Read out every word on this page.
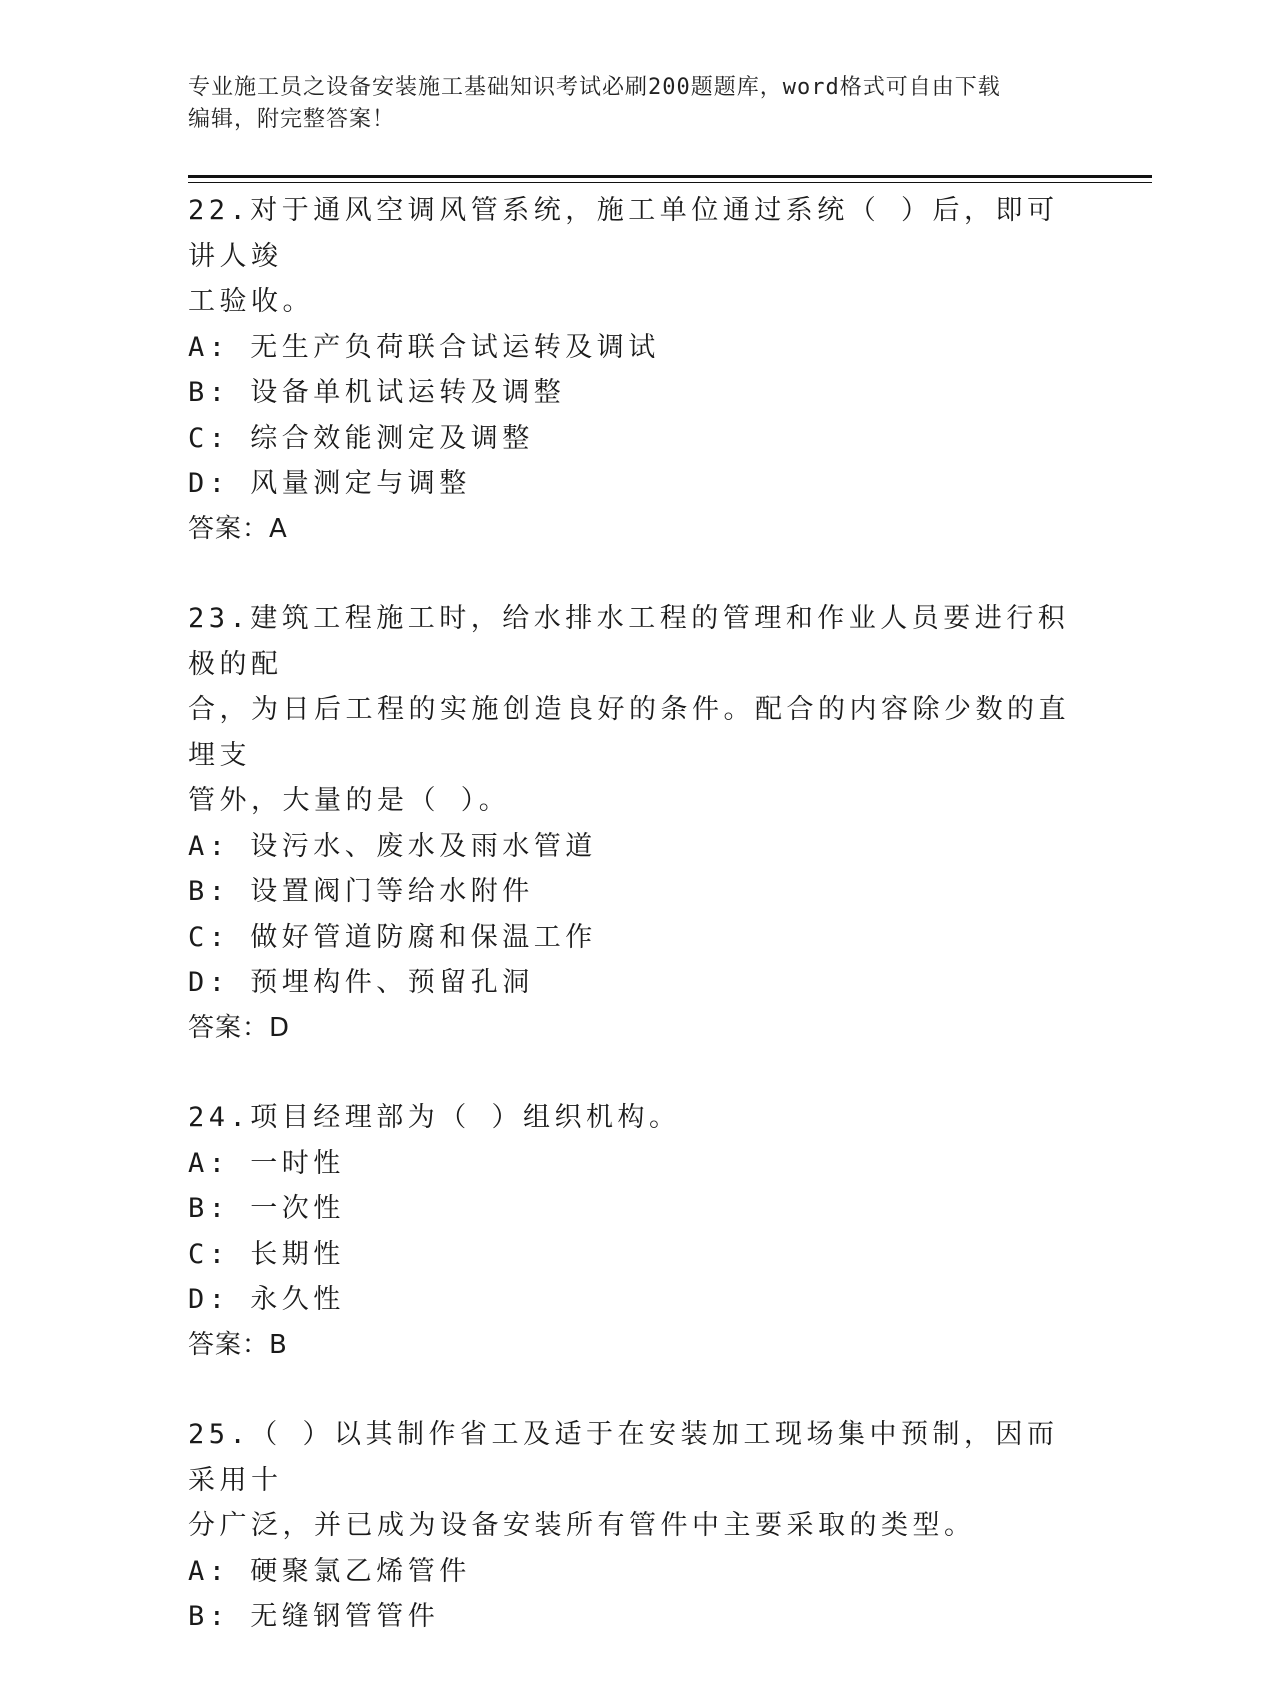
专业施工员之设备安装施工基础知识考试必刷200题题库，word格式可自由下载
编辑，附完整答案！
22.对于通风空调风管系统，施工单位通过系统（ ）后，即可讲人竣
工验收。
A: 无生产负荷联合试运转及调试
B: 设备单机试运转及调整
C: 综合效能测定及调整
D: 风量测定与调整
答案：A
23.建筑工程施工时，给水排水工程的管理和作业人员要进行积极的配
合，为日后工程的实施创造良好的条件。配合的内容除少数的直埋支
管外，大量的是（ ）。
A: 设污水、废水及雨水管道
B: 设置阀门等给水附件
C: 做好管道防腐和保温工作
D: 预埋构件、预留孔洞
答案：D
24.项目经理部为（ ）组织机构。
A: 一时性
B: 一次性
C: 长期性
D: 永久性
答案：B
25.（ ）以其制作省工及适于在安装加工现场集中预制，因而采用十
分广泛，并已成为设备安装所有管件中主要采取的类型。
A: 硬聚氯乙烯管件
B: 无缝钢管管件
